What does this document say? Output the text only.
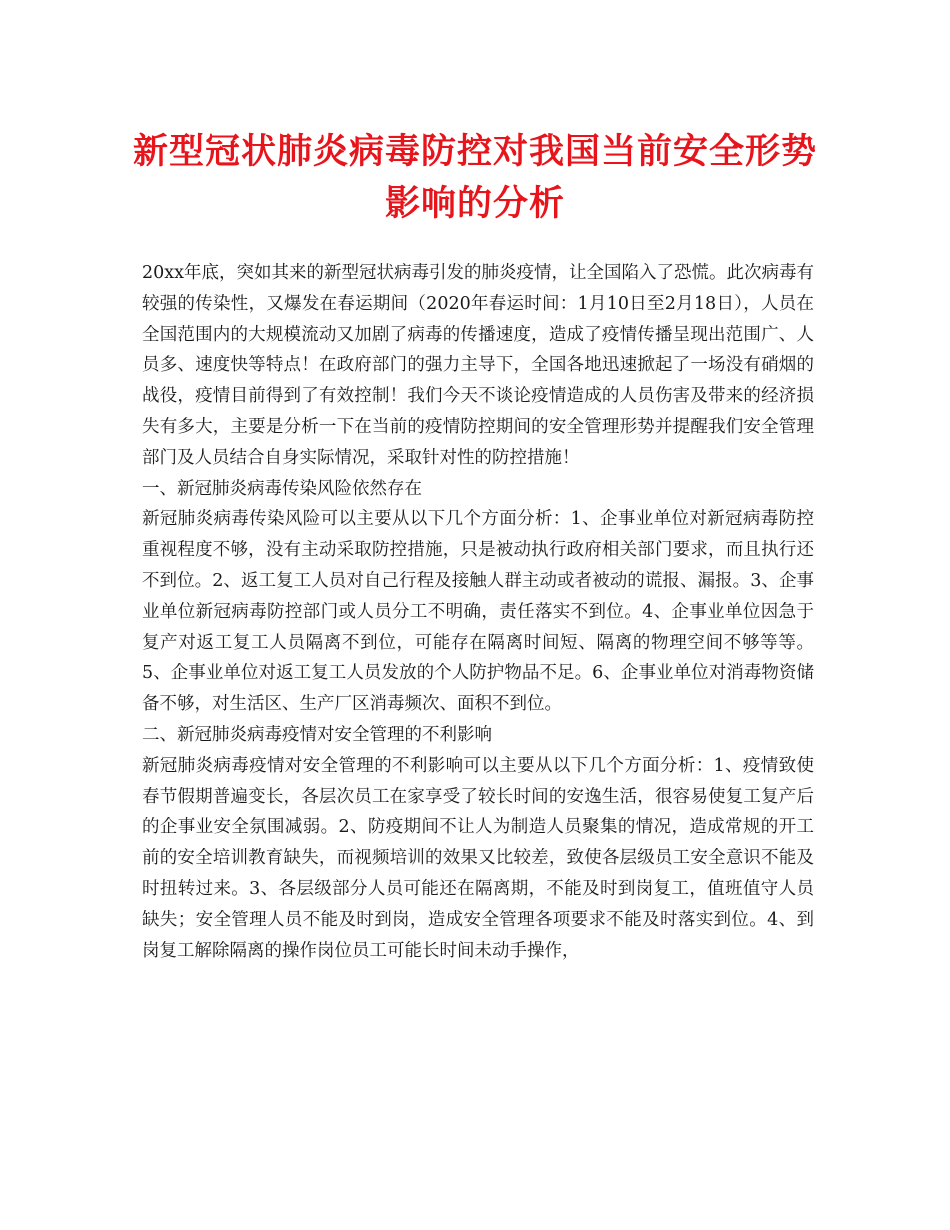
新型冠状肺炎病毒防控对我国当前安全形势影响的分析

20xx年底，突如其来的新型冠状病毒引发的肺炎疫情，让全国陷入了恐慌。此次病毒有较强的传染性，又爆发在春运期间（2020年春运时间：1月10日至2月18日），人员在全国范围内的大规模流动又加剧了病毒的传播速度，造成了疫情传播呈现出范围广、人员多、速度快等特点！在政府部门的强力主导下，全国各地迅速掀起了一场没有硝烟的战役，疫情目前得到了有效控制！我们今天不谈论疫情造成的人员伤害及带来的经济损失有多大，主要是分析一下在当前的疫情防控期间的安全管理形势并提醒我们安全管理部门及人员结合自身实际情况，采取针对性的防控措施！

一、新冠肺炎病毒传染风险依然存在

新冠肺炎病毒传染风险可以主要从以下几个方面分析：1、企事业单位对新冠病毒防控重视程度不够，没有主动采取防控措施，只是被动执行政府相关部门要求，而且执行还不到位。2、返工复工人员对自己行程及接触人群主动或者被动的谎报、漏报。3、企事业单位新冠病毒防控部门或人员分工不明确，责任落实不到位。4、企事业单位因急于复产对返工复工人员隔离不到位，可能存在隔离时间短、隔离的物理空间不够等等。5、企事业单位对返工复工人员发放的个人防护物品不足。6、企事业单位对消毒物资储备不够，对生活区、生产厂区消毒频次、面积不到位。

二、新冠肺炎病毒疫情对安全管理的不利影响

新冠肺炎病毒疫情对安全管理的不利影响可以主要从以下几个方面分析：1、疫情致使春节假期普遍变长，各层次员工在家享受了较长时间的安逸生活，很容易使复工复产后的企事业安全氛围减弱。2、防疫期间不让人为制造人员聚集的情况，造成常规的开工前的安全培训教育缺失，而视频培训的效果又比较差，致使各层级员工安全意识不能及时扭转过来。3、各层级部分人员可能还在隔离期，不能及时到岗复工，值班值守人员缺失；安全管理人员不能及时到岗，造成安全管理各项要求不能及时落实到位。4、到岗复工解除隔离的操作岗位员工可能长时间未动手操作，
